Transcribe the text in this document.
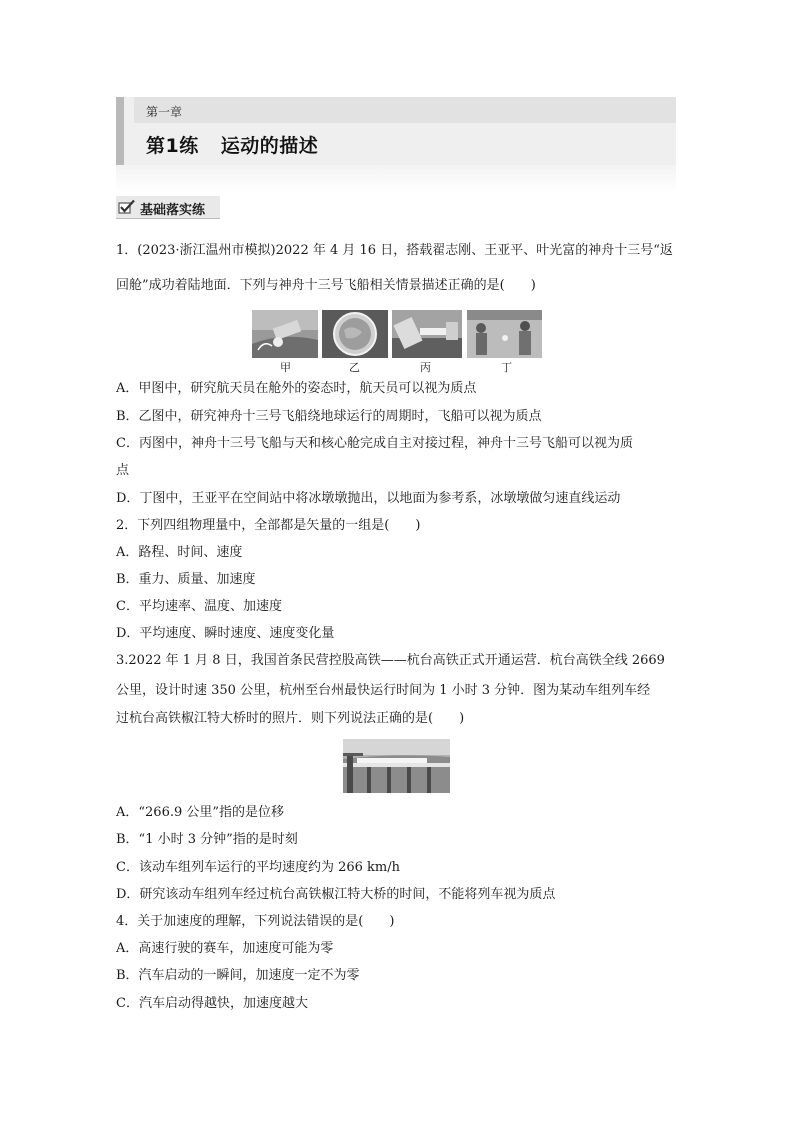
第一章
第1练 运动的描述
基础落实练
1．(2023·浙江温州市模拟)2022 年 4 月 16 日，搭载翟志刚、王亚平、叶光富的神舟十三号“返
回舱”成功着陆地面．下列与神舟十三号飞船相关情景描述正确的是(　　)
甲	乙	丙	丁
A．甲图中，研究航天员在舱外的姿态时，航天员可以视为质点
B．乙图中，研究神舟十三号飞船绕地球运行的周期时，飞船可以视为质点
C．丙图中，神舟十三号飞船与天和核心舱完成自主对接过程，神舟十三号飞船可以视为质
点
D．丁图中，王亚平在空间站中将冰墩墩抛出，以地面为参考系，冰墩墩做匀速直线运动
2．下列四组物理量中，全部都是矢量的一组是(　　)
A．路程、时间、速度
B．重力、质量、加速度
C．平均速率、温度、加速度
D．平均速度、瞬时速度、速度变化量
3.2022 年 1 月 8 日，我国首条民营控股高铁——杭台高铁正式开通运营．杭台高铁全线 2669
公里，设计时速 350 公里，杭州至台州最快运行时间为 1 小时 3 分钟．图为某动车组列车经
过杭台高铁椒江特大桥时的照片．则下列说法正确的是(　　)
A．“266.9 公里”指的是位移
B．“1 小时 3 分钟”指的是时刻
C．该动车组列车运行的平均速度约为 266 km/h
D．研究该动车组列车经过杭台高铁椒江特大桥的时间，不能将列车视为质点
4．关于加速度的理解，下列说法错误的是(　　)
A．高速行驶的赛车，加速度可能为零
B．汽车启动的一瞬间，加速度一定不为零
C．汽车启动得越快，加速度越大
